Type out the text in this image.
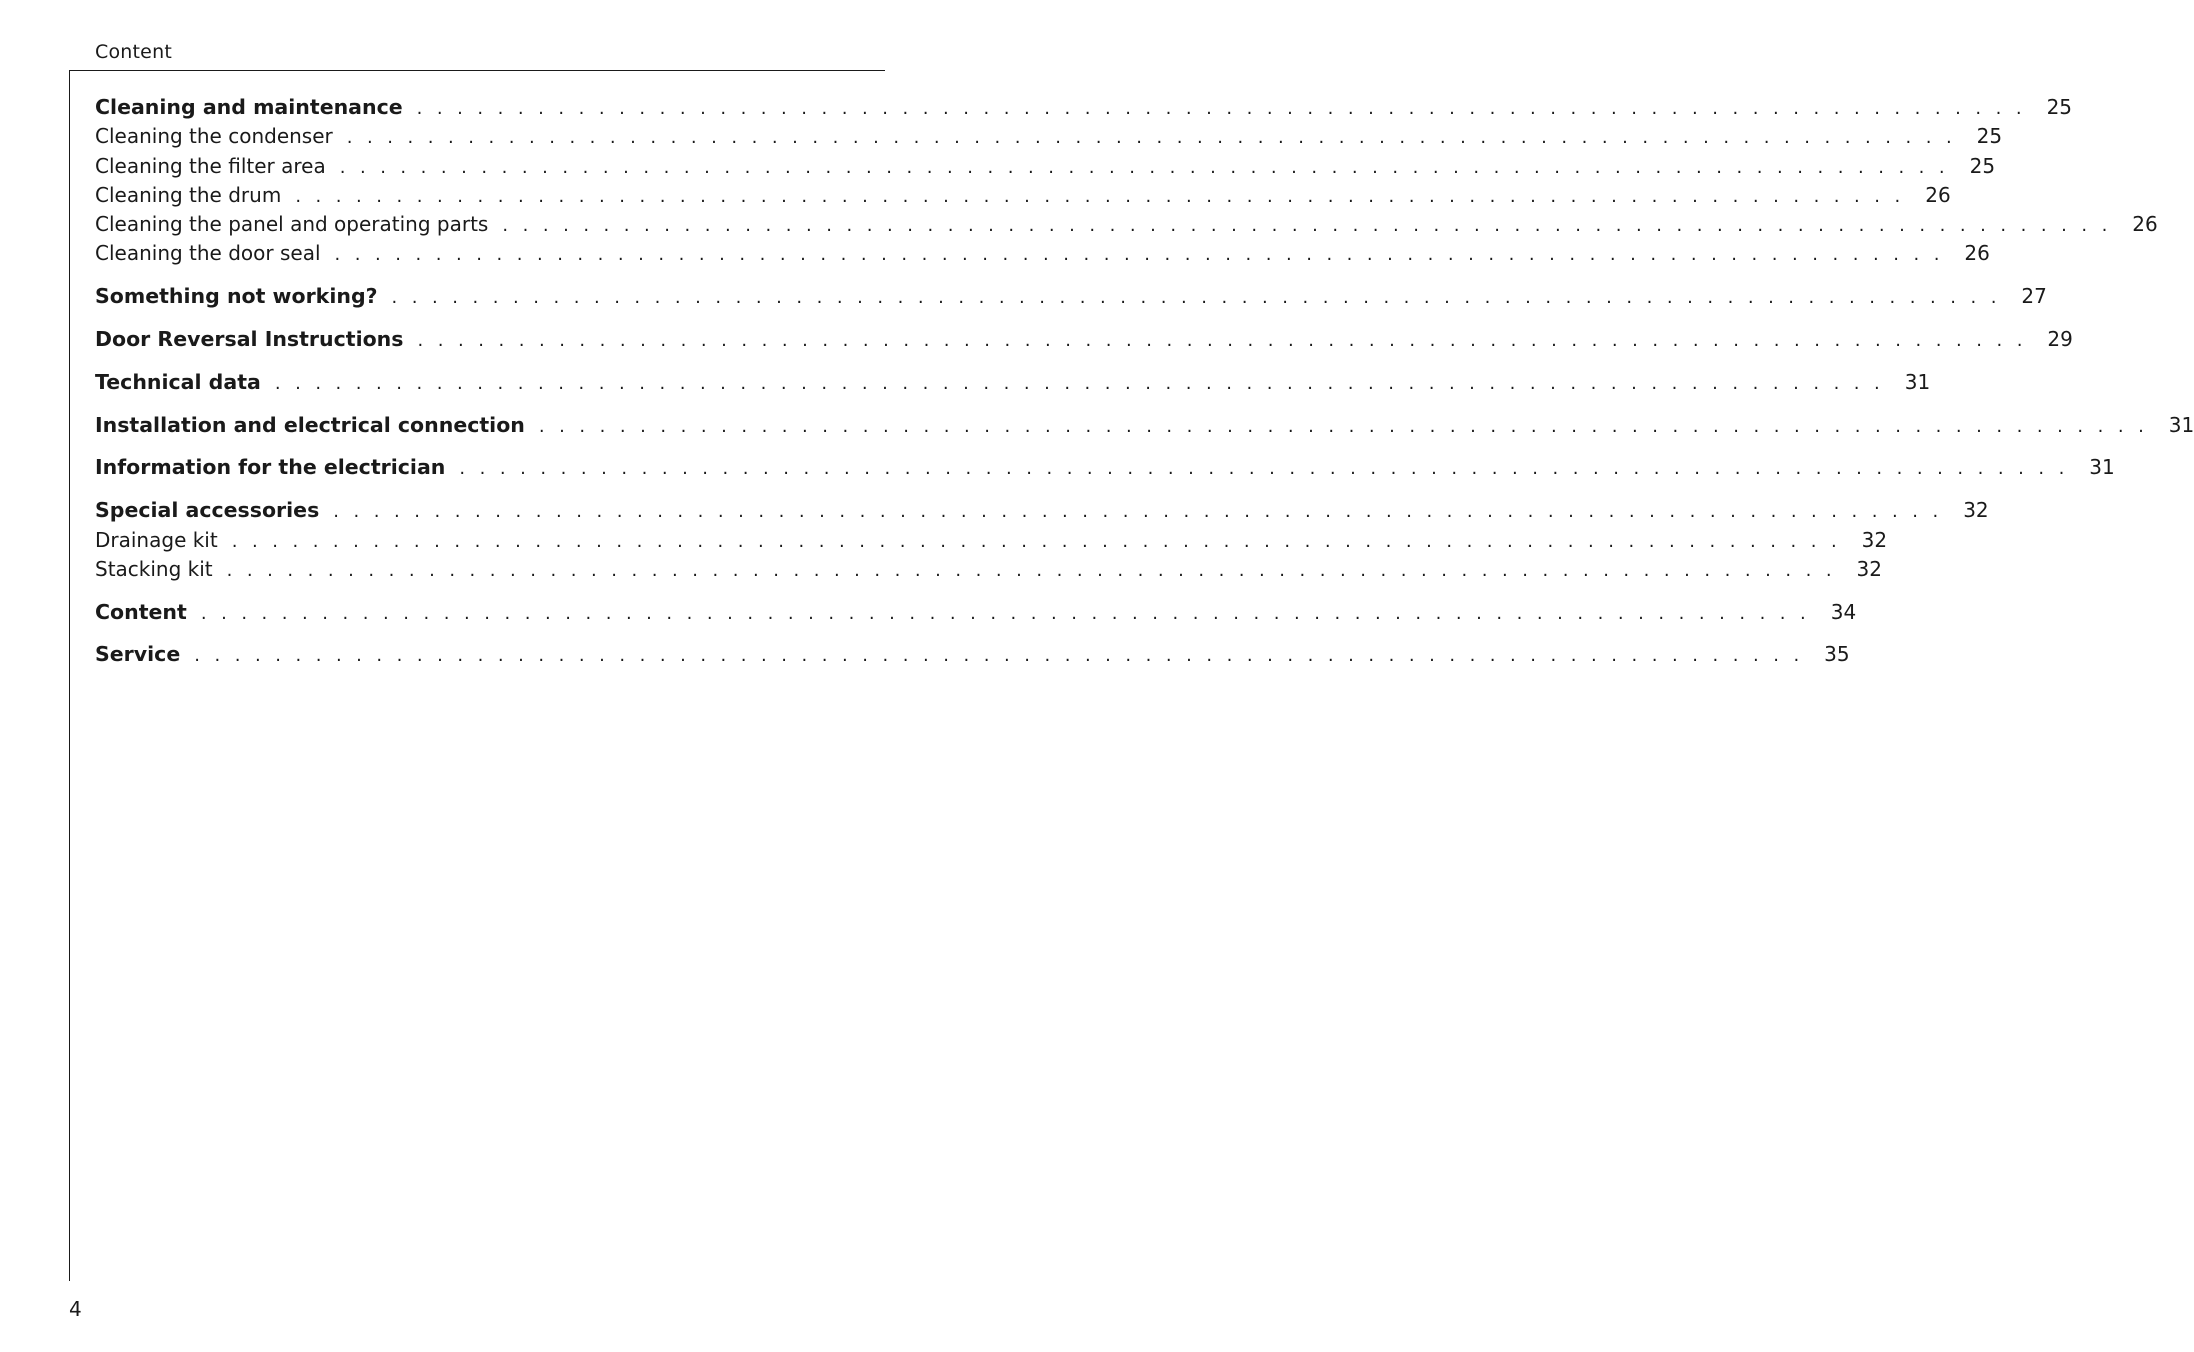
Content
Cleaning and maintenance . . . . . . . . . . . . . . . . . . . . . . . . . . . . . . . . . . . . . . . . . . . . . . . . . . . . . . . . . . . . . . . . . . . . . . . . . . . . . . . .	25
Cleaning the condenser . . . . . . . . . . . . . . . . . . . . . . . . . . . . . . . . . . . . . . . . . . . . . . . . . . . . . . . . . . . . . . . . . . . . . . . . . . . . . . . .	25
Cleaning the filter area . . . . . . . . . . . . . . . . . . . . . . . . . . . . . . . . . . . . . . . . . . . . . . . . . . . . . . . . . . . . . . . . . . . . . . . . . . . . . . . .	25
Cleaning the drum . . . . . . . . . . . . . . . . . . . . . . . . . . . . . . . . . . . . . . . . . . . . . . . . . . . . . . . . . . . . . . . . . . . . . . . . . . . . . . . .	26
Cleaning the panel and operating parts . . . . . . . . . . . . . . . . . . . . . . . . . . . . . . . . . . . . . . . . . . . . . . . . . . . . . . . . . . . . . . . . . . . . . . . . . . . . . . . .	26
Cleaning the door seal . . . . . . . . . . . . . . . . . . . . . . . . . . . . . . . . . . . . . . . . . . . . . . . . . . . . . . . . . . . . . . . . . . . . . . . . . . . . . . . .	26
Something not working? . . . . . . . . . . . . . . . . . . . . . . . . . . . . . . . . . . . . . . . . . . . . . . . . . . . . . . . . . . . . . . . . . . . . . . . . . . . . . . . .	27
Door Reversal Instructions . . . . . . . . . . . . . . . . . . . . . . . . . . . . . . . . . . . . . . . . . . . . . . . . . . . . . . . . . . . . . . . . . . . . . . . . . . . . . . . .	29
Technical data . . . . . . . . . . . . . . . . . . . . . . . . . . . . . . . . . . . . . . . . . . . . . . . . . . . . . . . . . . . . . . . . . . . . . . . . . . . . . . . .	31
Installation and electrical connection . . . . . . . . . . . . . . . . . . . . . . . . . . . . . . . . . . . . . . . . . . . . . . . . . . . . . . . . . . . . . . . . . . . . . . . . . . . . . . . .	31
Information for the electrician . . . . . . . . . . . . . . . . . . . . . . . . . . . . . . . . . . . . . . . . . . . . . . . . . . . . . . . . . . . . . . . . . . . . . . . . . . . . . . . .	31
Special accessories . . . . . . . . . . . . . . . . . . . . . . . . . . . . . . . . . . . . . . . . . . . . . . . . . . . . . . . . . . . . . . . . . . . . . . . . . . . . . . . .	32
Drainage kit . . . . . . . . . . . . . . . . . . . . . . . . . . . . . . . . . . . . . . . . . . . . . . . . . . . . . . . . . . . . . . . . . . . . . . . . . . . . . . . .	32
Stacking kit . . . . . . . . . . . . . . . . . . . . . . . . . . . . . . . . . . . . . . . . . . . . . . . . . . . . . . . . . . . . . . . . . . . . . . . . . . . . . . . .	32
Content . . . . . . . . . . . . . . . . . . . . . . . . . . . . . . . . . . . . . . . . . . . . . . . . . . . . . . . . . . . . . . . . . . . . . . . . . . . . . . . .	34
Service . . . . . . . . . . . . . . . . . . . . . . . . . . . . . . . . . . . . . . . . . . . . . . . . . . . . . . . . . . . . . . . . . . . . . . . . . . . . . . . .	35
4
